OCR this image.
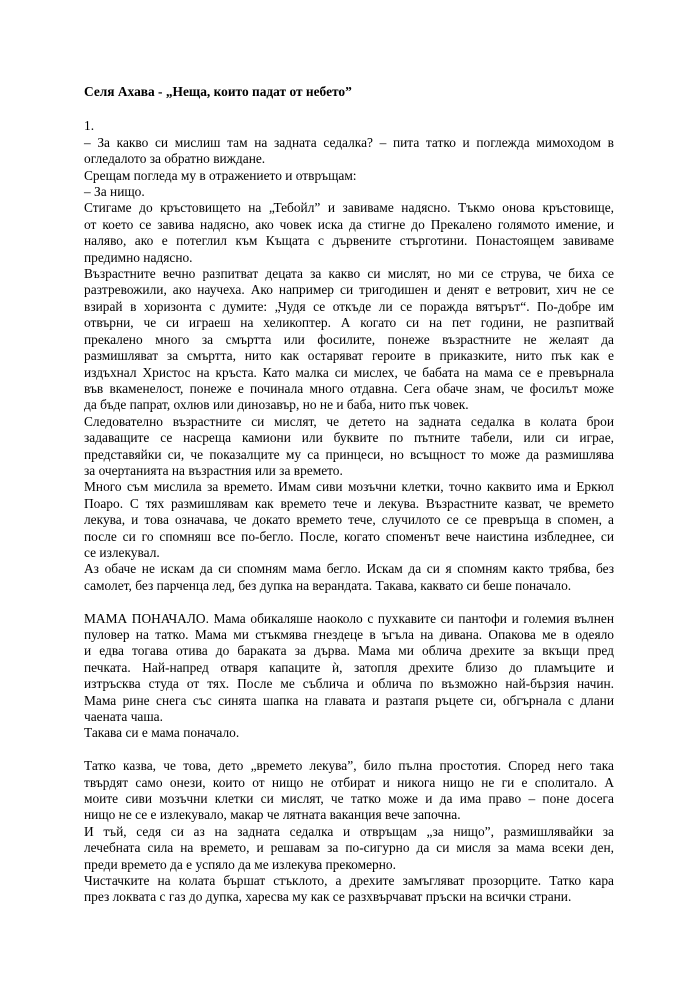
Селя Ахава - „Неща, които падат от небето”
1.
– За какво си мислиш там на задната седалка? – пита татко и поглежда мимоходом в
огледалото за обратно виждане.
Срещам погледа му в отражението и отвръщам:
– За нищо.
Стигаме до кръстовището на „Тебойл” и завиваме надясно. Тъкмо онова кръстовище,
от което се завива надясно, ако човек иска да стигне до Прекалено голямото имение, и
наляво, ако е потеглил към Къщата с дървените стърготини. Понастоящем завиваме
предимно надясно.
Възрастните вечно разпитват децата за какво си мислят, но ми се струва, че биха се
разтревожили, ако научеха. Ако например си тригодишен и денят е ветровит, хич не се
взирай в хоризонта с думите: „Чудя се откъде ли се поражда вятърът“. По-добре им
отвърни, че си играеш на хеликоптер. А когато си на пет години, не разпитвай
прекалено много за смъртта или фосилите, понеже възрастните не желаят да
размишляват за смъртта, нито как остаряват героите в приказките, нито пък как е
издъхнал Христос на кръста. Като малка си мислех, че бабата на мама се е превърнала
във вкаменелост, понеже е починала много отдавна. Сега обаче знам, че фосилът може
да бъде папрат, охлюв или динозавър, но не и баба, нито пък човек.
Следователно възрастните си мислят, че детето на задната седалка в колата брои
задаващите се насреща камиони или буквите по пътните табели, или си играе,
представяйки си, че показалците му са принцеси, но всъщност то може да размишлява
за очертанията на възрастния или за времето.
Много съм мислила за времето. Имам сиви мозъчни клетки, точно каквито има и Еркюл
Поаро. С тях размишлявам как времето тече и лекува. Възрастните казват, че времето
лекува, и това означава, че докато времето тече, случилото се се превръща в спомен, а
после си го спомняш все по-бегло. После, когато споменът вече наистина избледнее, си
се излекувал.
Аз обаче не искам да си спомням мама бегло. Искам да си я спомням както трябва, без
самолет, без парченца лед, без дупка на верандата. Такава, каквато си беше поначало.
МАМА ПОНАЧАЛО. Мама обикаляше наоколо с пухкавите си пантофи и големия вълнен
пуловер на татко. Мама ми стъкмява гнездеце в ъгъла на дивана. Опакова ме в одеяло
и едва тогава отива до бараката за дърва. Мама ми облича дрехите за вкъщи пред
печката. Най-напред отваря капаците ѝ, затопля дрехите близо до пламъците и
изтръсква студа от тях. После ме съблича и облича по възможно най-бързия начин.
Мама рине снега със синята шапка на главата и разтапя ръцете си, обгърнала с длани
чаената чаша.
Такава си е мама поначало.
Татко казва, че това, дето „времето лекува”, било пълна простотия. Според него така
твърдят само онези, които от нищо не отбират и никога нищо не ги е сполитало. А
моите сиви мозъчни клетки си мислят, че татко може и да има право – поне досега
нищо не се е излекувало, макар че лятната ваканция вече започна.
И тъй, седя си аз на задната седалка и отвръщам „за нищо”, размишлявайки за
лечебната сила на времето, и решавам за по-сигурно да си мисля за мама всеки ден,
преди времето да е успяло да ме излекува прекомерно.
Чистачките на колата бършат стъклото, а дрехите замъгляват прозорците. Татко кара
през локвата с газ до дупка, харесва му как се разхвърчават пръски на всички страни.
